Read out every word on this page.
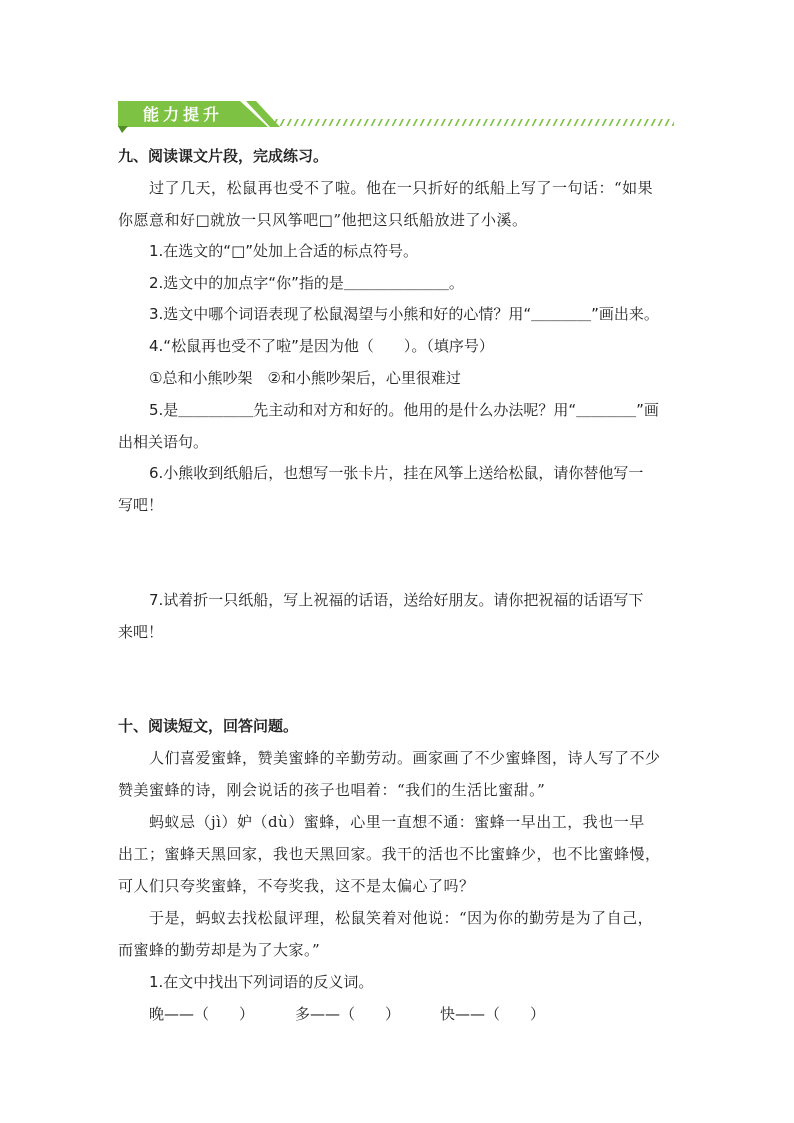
能力提升
九、阅读课文片段，完成练习。
过了几天，松鼠再也受不了啦。他在一只折好的纸船上写了一句话：“如果
你愿意和好□就放一只风筝吧□”他把这只纸船放进了小溪。
1.在选文的“□”处加上合适的标点符号。
2.选文中的加点字“你”指的是＿＿＿＿＿＿＿。
3.选文中哪个词语表现了松鼠渴望与小熊和好的心情？用“＿＿＿＿”画出来。
4.“松鼠再也受不了啦”是因为他（　　）。（填序号）
①总和小熊吵架　②和小熊吵架后，心里很难过
5.是＿＿＿＿＿先主动和对方和好的。他用的是什么办法呢？用“＿＿＿＿”画
出相关语句。
6.小熊收到纸船后，也想写一张卡片，挂在风筝上送给松鼠，请你替他写一
写吧！
7.试着折一只纸船，写上祝福的话语，送给好朋友。请你把祝福的话语写下
来吧！
十、阅读短文，回答问题。
人们喜爱蜜蜂，赞美蜜蜂的辛勤劳动。画家画了不少蜜蜂图，诗人写了不少
赞美蜜蜂的诗，刚会说话的孩子也唱着：“我们的生活比蜜甜。”
蚂蚁忌（jì）妒（dù）蜜蜂，心里一直想不通：蜜蜂一早出工，我也一早
出工；蜜蜂天黑回家，我也天黑回家。我干的活也不比蜜蜂少，也不比蜜蜂慢，
可人们只夸奖蜜蜂，不夸奖我，这不是太偏心了吗？
于是，蚂蚁去找松鼠评理，松鼠笑着对他说：“因为你的勤劳是为了自己，
而蜜蜂的勤劳却是为了大家。”
1.在文中找出下列词语的反义词。
晚——（　　）	多——（　　）	快——（　　）
